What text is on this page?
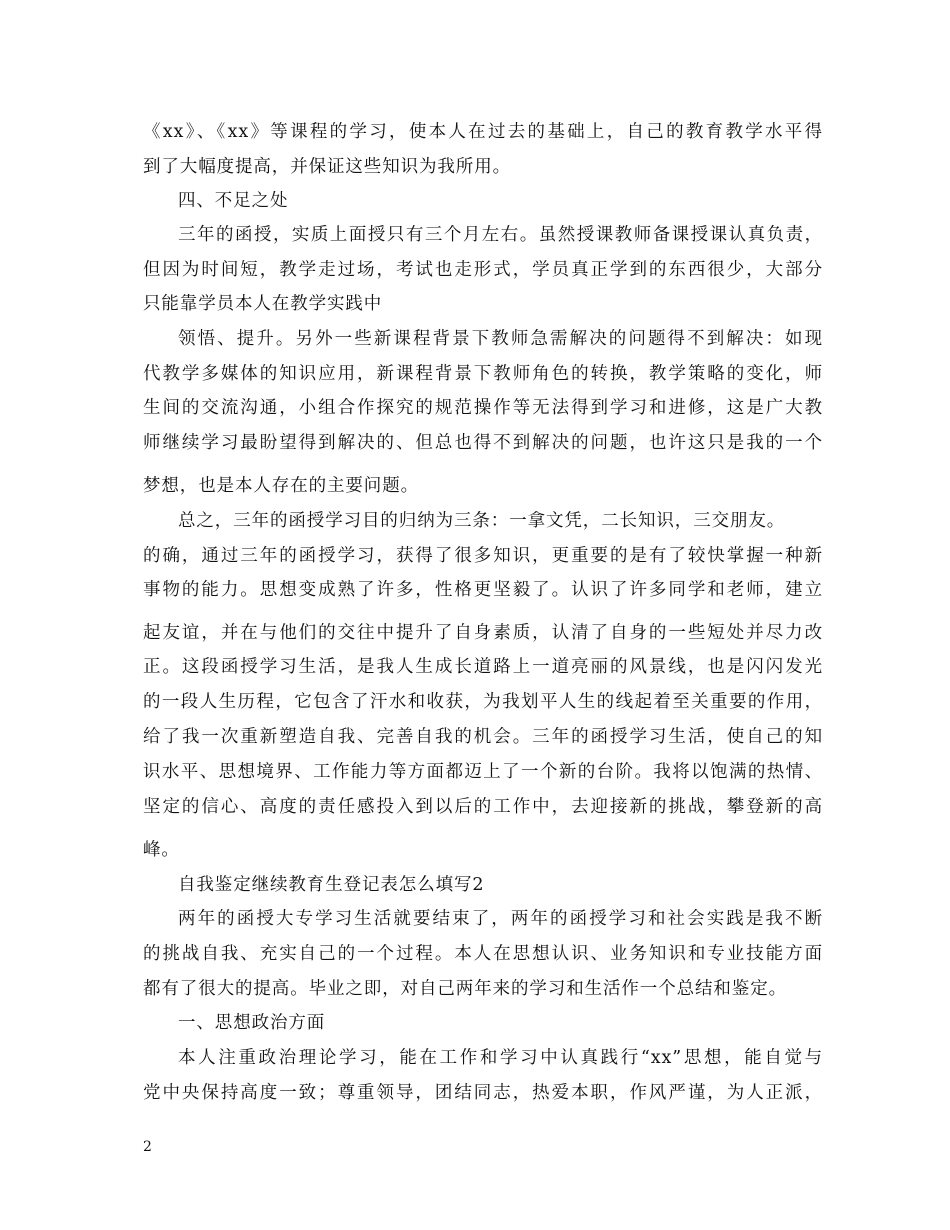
《xx》、《xx》等课程的学习，使本人在过去的基础上，自己的教育教学水平得
到了大幅度提高，并保证这些知识为我所用。
四、不足之处
三年的函授，实质上面授只有三个月左右。虽然授课教师备课授课认真负责，
但因为时间短，教学走过场，考试也走形式，学员真正学到的东西很少，大部分
只能靠学员本人在教学实践中
领悟、提升。另外一些新课程背景下教师急需解决的问题得不到解决：如现
代教学多媒体的知识应用，新课程背景下教师角色的转换，教学策略的变化，师
生间的交流沟通，小组合作探究的规范操作等无法得到学习和进修，这是广大教
师继续学习最盼望得到解决的、但总也得不到解决的问题，也许这只是我的一个
梦想，也是本人存在的主要问题。
总之，三年的函授学习目的归纳为三条：一拿文凭，二长知识，三交朋友。
的确，通过三年的函授学习，获得了很多知识，更重要的是有了较快掌握一种新
事物的能力。思想变成熟了许多，性格更坚毅了。认识了许多同学和老师，建立
起友谊，并在与他们的交往中提升了自身素质，认清了自身的一些短处并尽力改
正。这段函授学习生活，是我人生成长道路上一道亮丽的风景线，也是闪闪发光
的一段人生历程，它包含了汗水和收获，为我划平人生的线起着至关重要的作用，
给了我一次重新塑造自我、完善自我的机会。三年的函授学习生活，使自己的知
识水平、思想境界、工作能力等方面都迈上了一个新的台阶。我将以饱满的热情、
坚定的信心、高度的责任感投入到以后的工作中，去迎接新的挑战，攀登新的高
峰。
自我鉴定继续教育生登记表怎么填写2
两年的函授大专学习生活就要结束了，两年的函授学习和社会实践是我不断
的挑战自我、充实自己的一个过程。本人在思想认识、业务知识和专业技能方面
都有了很大的提高。毕业之即，对自己两年来的学习和生活作一个总结和鉴定。
一、思想政治方面
本人注重政治理论学习，能在工作和学习中认真践行“xx”思想，能自觉与
党中央保持高度一致；尊重领导，团结同志，热爱本职，作风严谨，为人正派，
2
